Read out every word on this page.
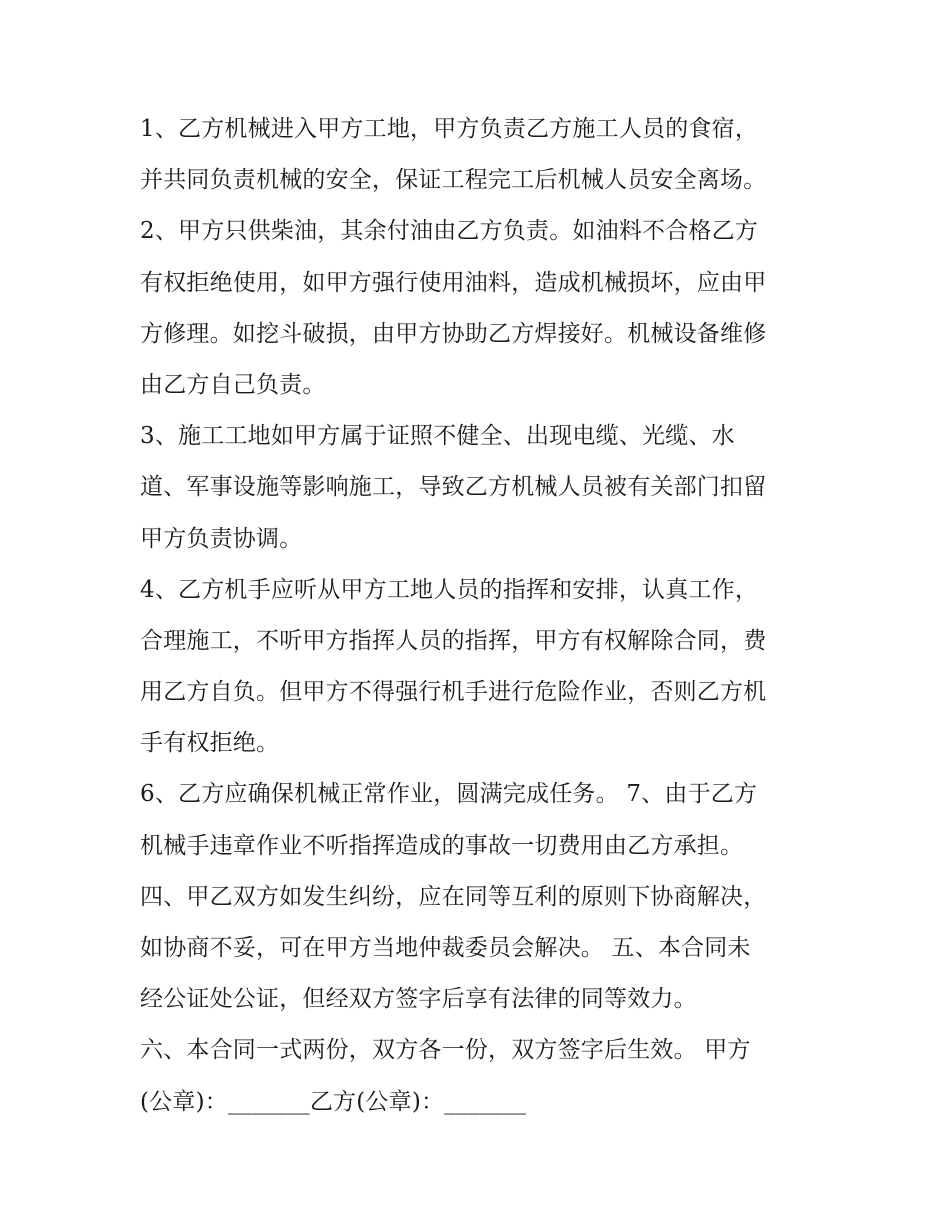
1、乙方机械进入甲方工地，甲方负责乙方施工人员的食宿，
并共同负责机械的安全，保证工程完工后机械人员安全离场。
2、甲方只供柴油，其余付油由乙方负责。如油料不合格乙方
有权拒绝使用，如甲方强行使用油料，造成机械损坏，应由甲
方修理。如挖斗破损，由甲方协助乙方焊接好。机械设备维修
由乙方自己负责。
3、施工工地如甲方属于证照不健全、出现电缆、光缆、水
道、军事设施等影响施工，导致乙方机械人员被有关部门扣留
甲方负责协调。
4、乙方机手应听从甲方工地人员的指挥和安排，认真工作，
合理施工，不听甲方指挥人员的指挥，甲方有权解除合同，费
用乙方自负。但甲方不得强行机手进行危险作业，否则乙方机
手有权拒绝。
6、乙方应确保机械正常作业，圆满完成任务。 7、由于乙方
机械手违章作业不听指挥造成的事故一切费用由乙方承担。
四、甲乙双方如发生纠纷，应在同等互利的原则下协商解决，
如协商不妥，可在甲方当地仲裁委员会解决。 五、本合同未
经公证处公证，但经双方签字后享有法律的同等效力。
六、本合同一式两份，双方各一份，双方签字后生效。 甲方
(公章)：_______乙方(公章)：_______
